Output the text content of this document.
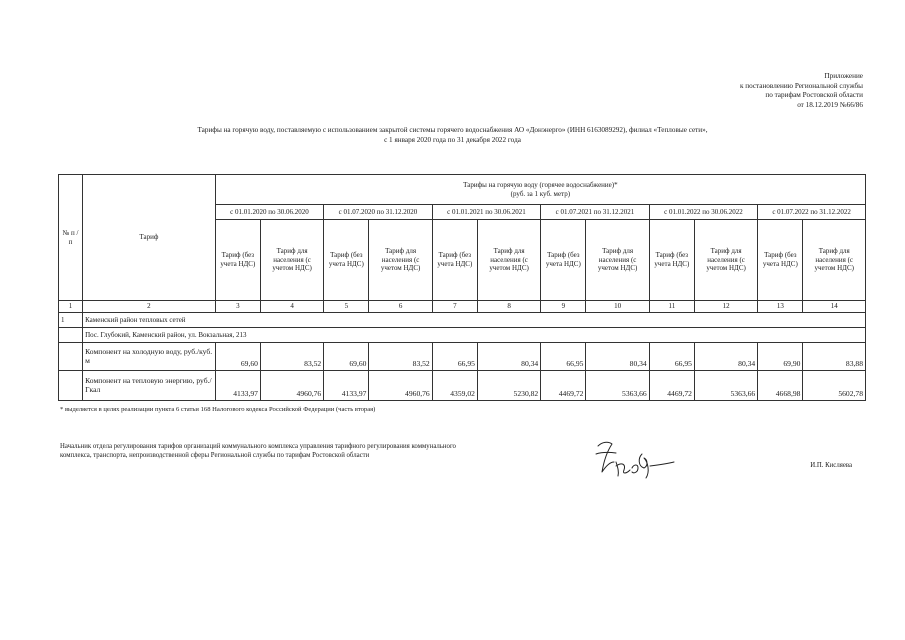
Приложение
к постановлению Региональной службы
по тарифам Ростовской области
от 18.12.2019 №66/86
Тарифы на горячую воду, поставляемую с использованием закрытой системы горячего водоснабжения АО «Донэнерго» (ИНН 6163089292), филиал «Тепловые сети»,
с 1 января 2020 года по 31 декабря 2022 года
№ п /п	Тариф	Тарифы на горячую воду (горячее водоснабжение)*
(руб. за 1 куб. метр)											

		с 01.01.2020 по 30.06.2020		с 01.07.2020 по 31.12.2020		с 01.01.2021 по 30.06.2021		с 01.07.2021 по 31.12.2021		с 01.01.2022 по 30.06.2022		с 01.07.2022 по 31.12.2022	
		Тариф (без учета НДС)	Тариф для населения (с учетом НДС)	Тариф (без учета НДС)	Тариф для населения (с учетом НДС)	Тариф (без учета НДС)	Тариф для населения (с учетом НДС)	Тариф (без учета НДС)	Тариф для населения (с учетом НДС)	Тариф (без учета НДС)	Тариф для населения (с учетом НДС)	Тариф (без учета НДС)	Тариф для населения (с учетом НДС)
1	2	3	4	5	6	7	8	9	10	11	12	13	14
1	Каменский район тепловых сетей												
	Пос. Глубокий, Каменский район, ул. Вокзальная, 213												
	Компонент на холодную воду, руб./куб. м	69,60	83,52	69,60	83,52	66,95	80,34	66,95	80,34	66,95	80,34	69,90	83,88
	Компонент на тепловую энергию, руб./Гкал	4133,97	4960,76	4133,97	4960,76	4359,02	5230,82	4469,72	5363,66	4469,72	5363,66	4668,98	5602,78
* выделяется в целях реализации пункта 6 статьи 168 Налогового кодекса Российской Федерации (часть вторая)
Начальник отдела регулирования тарифов организаций коммунального комплекса управления тарифного регулирования коммунального
комплекса, транспорта, непроизводственной сферы Региональной службы по тарифам Ростовской области
И.П. Кисляева
